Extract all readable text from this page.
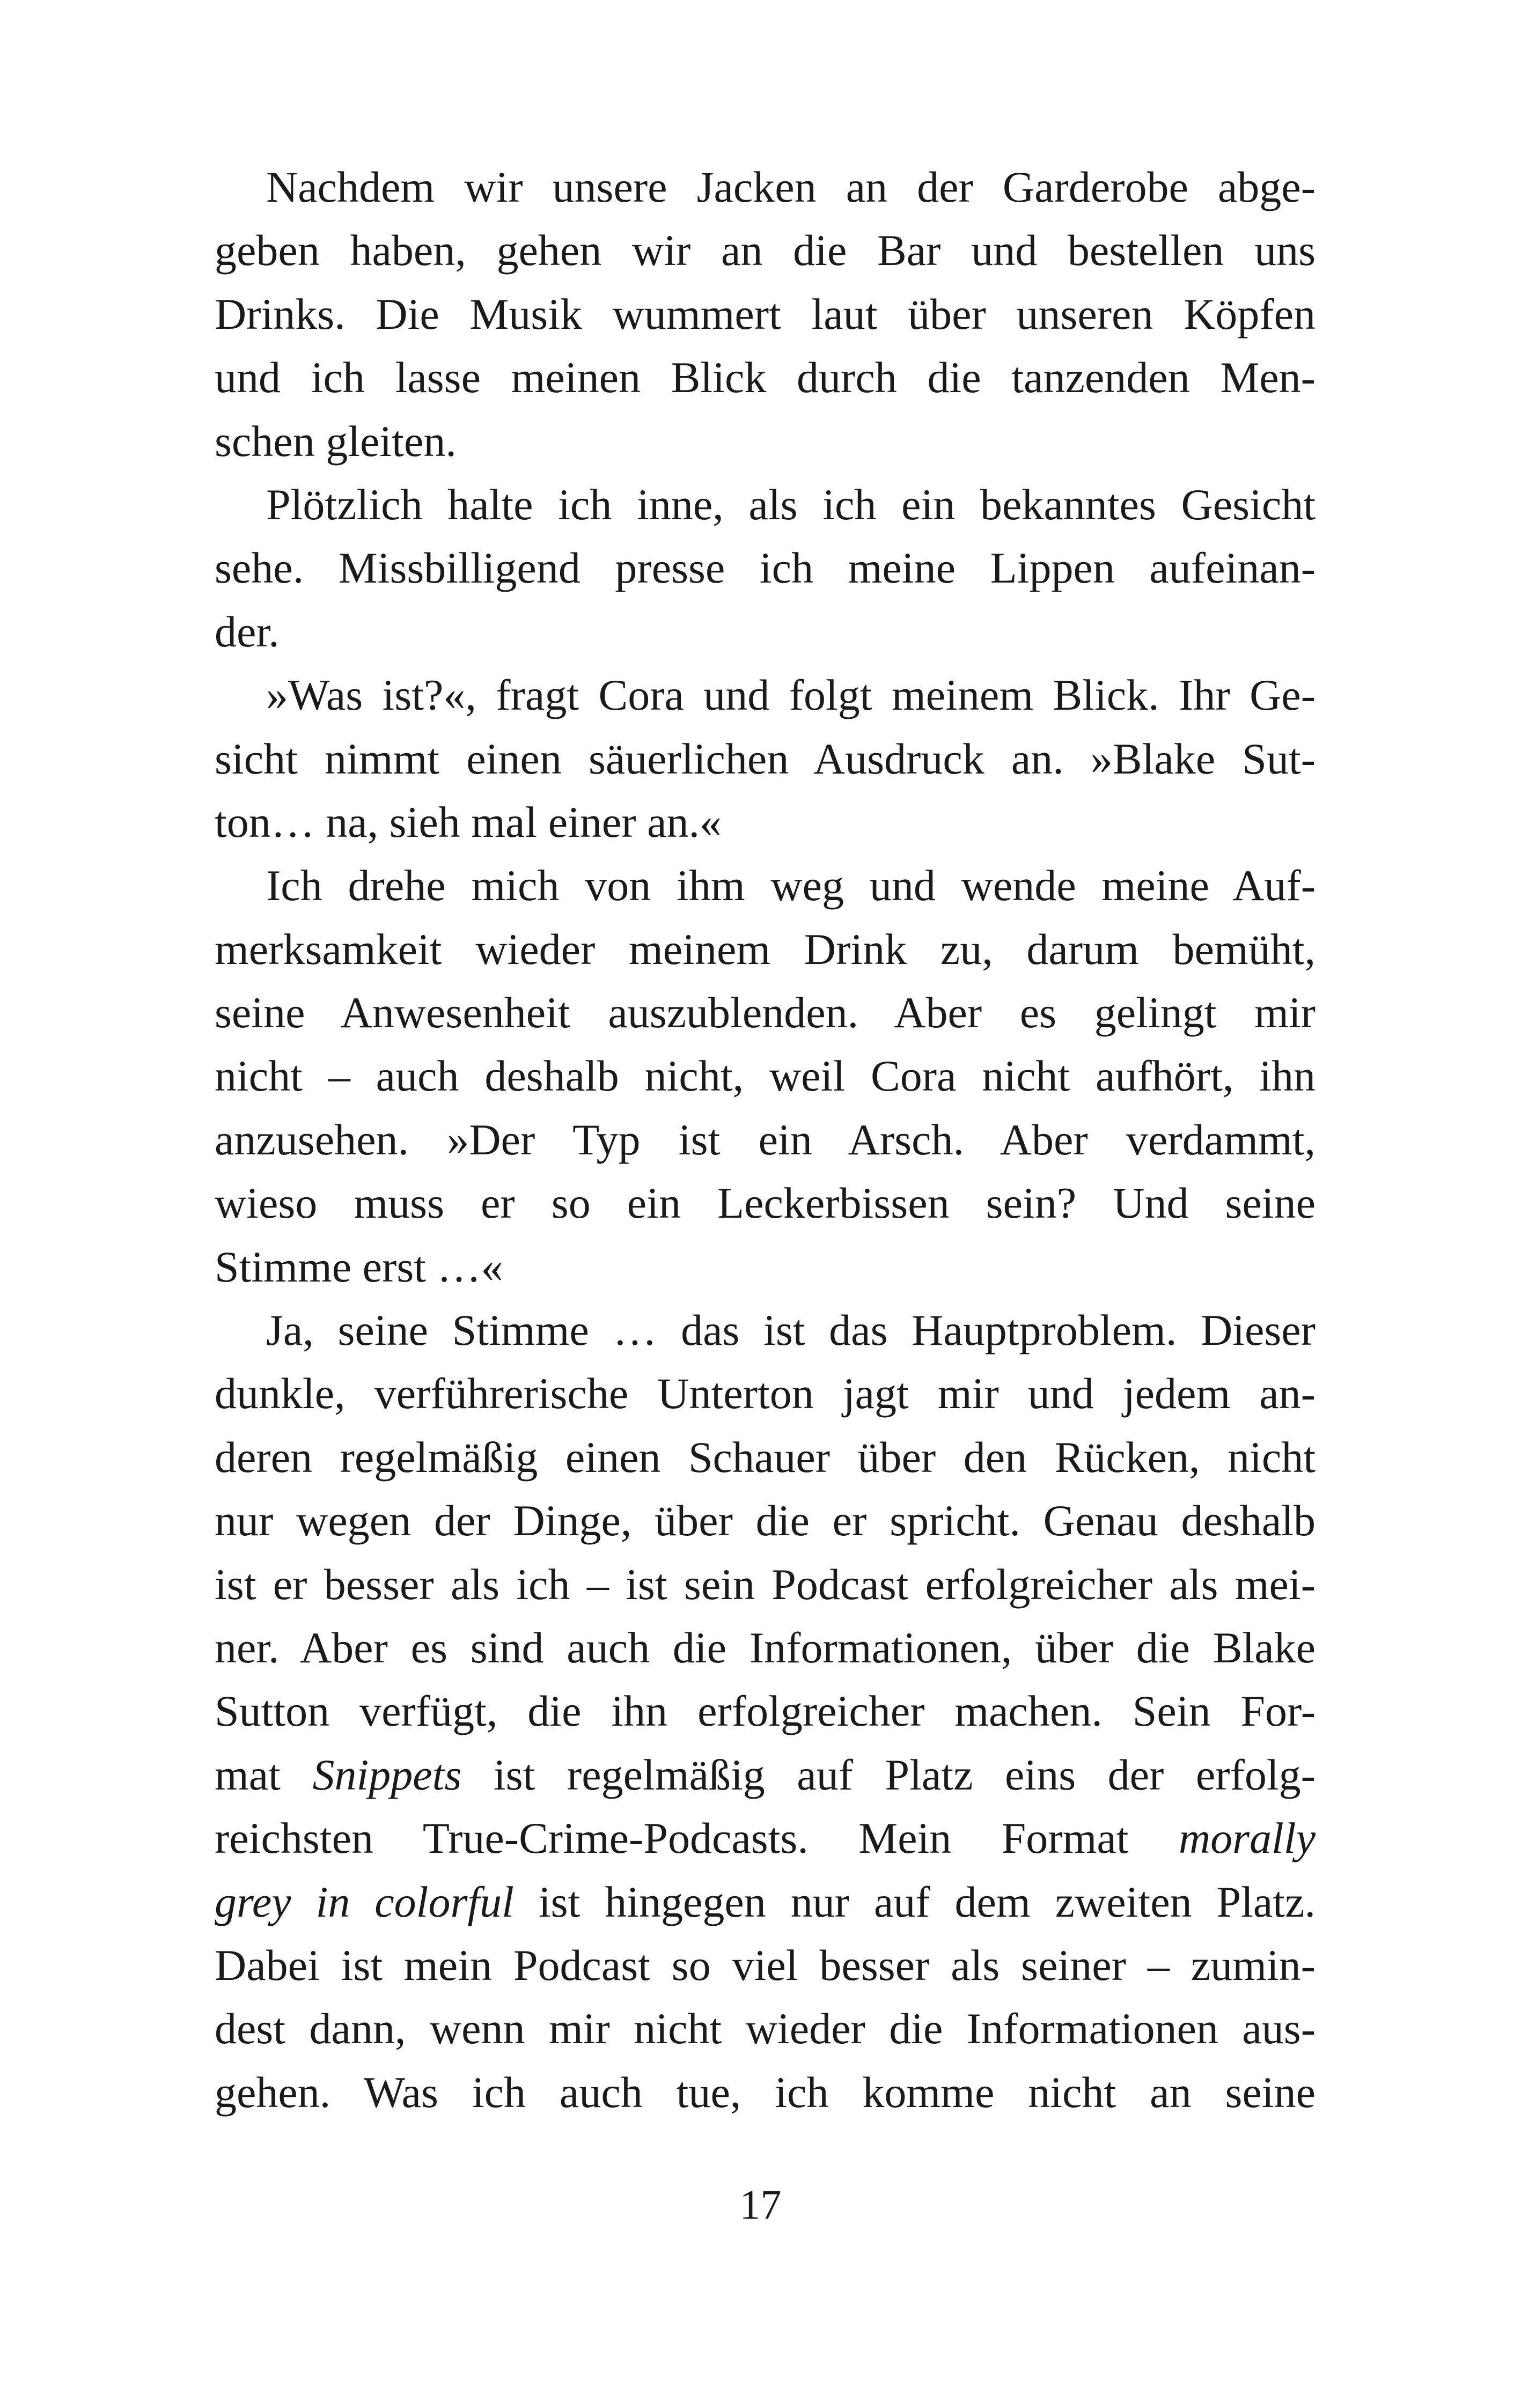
Nachdem wir unsere Jacken an der Garderobe abge-
geben haben, gehen wir an die Bar und bestellen uns
Drinks. Die Musik wummert laut über unseren Köpfen
und ich lasse meinen Blick durch die tanzenden Men-
schen gleiten.
Plötzlich halte ich inne, als ich ein bekanntes Gesicht
sehe. Missbilligend presse ich meine Lippen aufeinan-
der.
»Was ist?«, fragt Cora und folgt meinem Blick. Ihr Ge-
sicht nimmt einen säuerlichen Ausdruck an. »Blake Sut-
ton… na, sieh mal einer an.«
Ich drehe mich von ihm weg und wende meine Auf-
merksamkeit wieder meinem Drink zu, darum bemüht,
seine Anwesenheit auszublenden. Aber es gelingt mir
nicht – auch deshalb nicht, weil Cora nicht aufhört, ihn
anzusehen. »Der Typ ist ein Arsch. Aber verdammt,
wieso muss er so ein Leckerbissen sein? Und seine
Stimme erst …«
Ja, seine Stimme … das ist das Hauptproblem. Dieser
dunkle, verführerische Unterton jagt mir und jedem an-
deren regelmäßig einen Schauer über den Rücken, nicht
nur wegen der Dinge, über die er spricht. Genau deshalb
ist er besser als ich – ist sein Podcast erfolgreicher als mei-
ner. Aber es sind auch die Informationen, über die Blake
Sutton verfügt, die ihn erfolgreicher machen. Sein For-
mat Snippets ist regelmäßig auf Platz eins der erfolg-
reichsten True-Crime-Podcasts. Mein Format morally
grey in colorful ist hingegen nur auf dem zweiten Platz.
Dabei ist mein Podcast so viel besser als seiner – zumin-
dest dann, wenn mir nicht wieder die Informationen aus-
gehen. Was ich auch tue, ich komme nicht an seine
17
